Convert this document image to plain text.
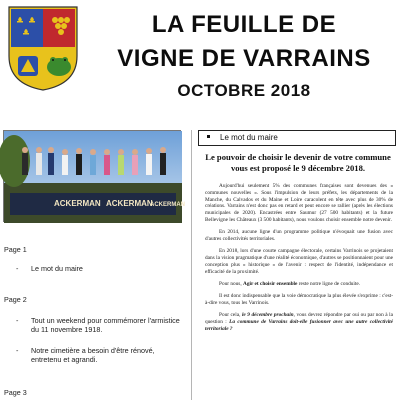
LA FEUILLE DE
VIGNE DE VARRAINS
OCTOBRE 2018
ACKERMAN ACKERMAN
ACKERMAN
Page 1
- Le mot du maire
Page 2
- Tout un weekend pour commémorer l'armistice du 11 novembre 1918.
- Notre cimetière a besoin d'être rénové, entretenu et agrandi.
Page 3
Le mot du maire
Le pouvoir de choisir le devenir de votre commune vous est proposé le 9 décembre 2018.

Aujourd'hui seulement 5% des communes françaises sont devenues des « communes nouvelles ». Sous l'impulsion de leurs préfets, les départements de la Manche, du Calvados et du Maine et Loire caracolent en tête avec plus de 30% de créations. Varrains n'est donc pas en retard et peut encore se rallier (après les élections municipales de 2020). Encastrées entre Saumur (27 500 habitants) et la future Bellevigne les Châteaux (3 500 habitants), nous voulons choisir ensemble notre devenir.

En 2014, aucune ligne d'un programme politique n'évoquait une fusion avec d'autres collectivités territoriales.

En 2018, lors d'une courte campagne électorale, certains Varrinois se projetaient dans la vision pragmatique d'une réalité économique, d'autres se positionnaient pour une conception plus « historique » de l'avenir : respect de l'identité, indépendance et efficacité de la proximité.

Pour nous, Agir et choisir ensemble reste notre ligne de conduite.

Il est donc indispensable que la voie démocratique la plus élevée s'exprime : c'est-à-dire vous, tous les Varrinois.

Pour cela, le 9 décembre prochain, vous devrez répondre par oui ou par non à la question : La commune de Varrains doit-elle fusionner avec une autre collectivité territoriale ?
